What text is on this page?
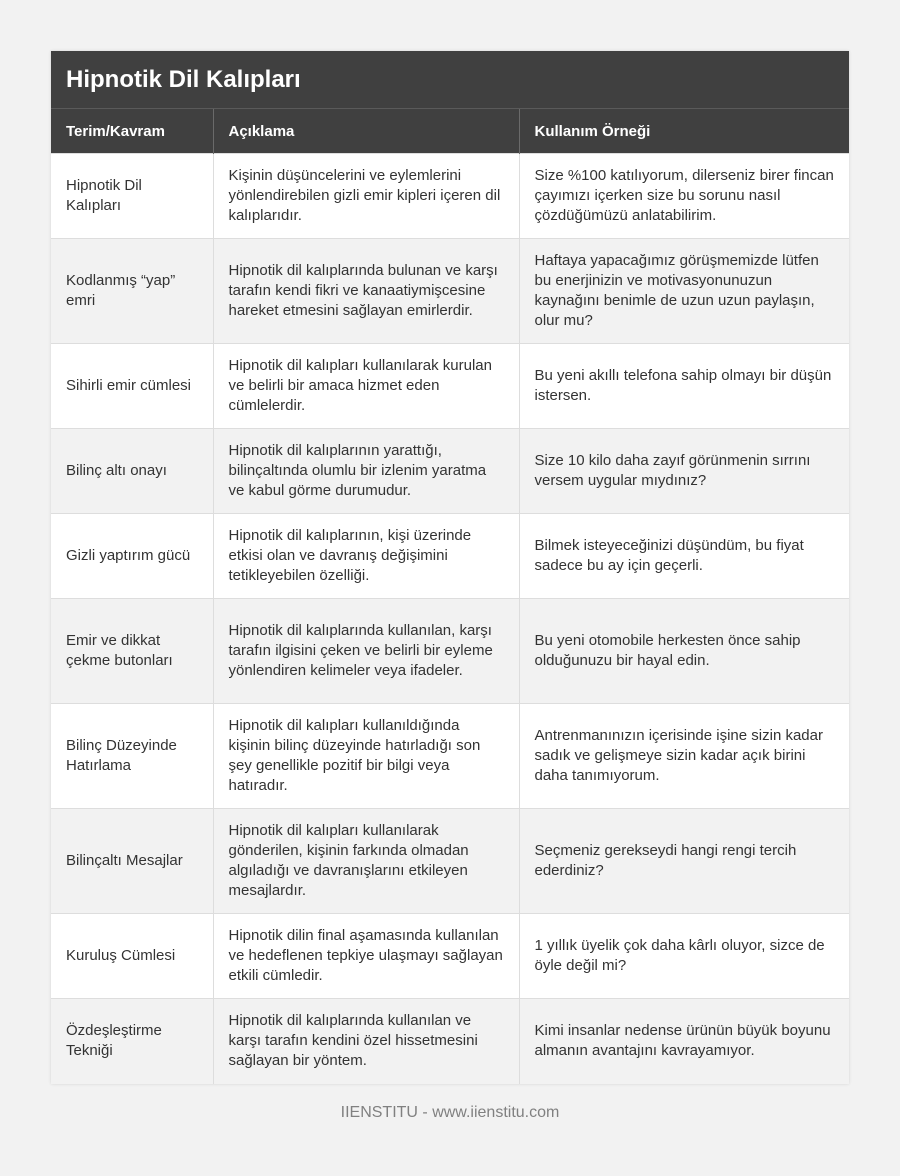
Hipnotik Dil Kalıpları
Terim/Kavram	Açıklama	Kullanım Örneği
Hipnotik Dil Kalıpları	Kişinin düşüncelerini ve eylemlerini yönlendirebilen gizli emir kipleri içeren dil kalıplarıdır.	Size %100 katılıyorum, dilerseniz birer fincan çayımızı içerken size bu sorunu nasıl çözdüğümüzü anlatabilirim.
Kodlanmış “yap” emri	Hipnotik dil kalıplarında bulunan ve karşı tarafın kendi fikri ve kanaatiymişcesine hareket etmesini sağlayan emirlerdir.	Haftaya yapacağımız görüşmemizde lütfen bu enerjinizin ve motivasyonunuzun kaynağını benimle de uzun uzun paylaşın, olur mu?
Sihirli emir cümlesi	Hipnotik dil kalıpları kullanılarak kurulan ve belirli bir amaca hizmet eden cümlelerdir.	Bu yeni akıllı telefona sahip olmayı bir düşün istersen.
Bilinç altı onayı	Hipnotik dil kalıplarının yarattığı, bilinçaltında olumlu bir izlenim yaratma ve kabul görme durumudur.	Size 10 kilo daha zayıf görünmenin sırrını versem uygular mıydınız?
Gizli yaptırım gücü	Hipnotik dil kalıplarının, kişi üzerinde etkisi olan ve davranış değişimini tetikleyebilen özelliği.	Bilmek isteyeceğinizi düşündüm, bu fiyat sadece bu ay için geçerli.
Emir ve dikkat çekme butonları	Hipnotik dil kalıplarında kullanılan, karşı tarafın ilgisini çeken ve belirli bir eyleme yönlendiren kelimeler veya ifadeler.	Bu yeni otomobile herkesten önce sahip olduğunuzu bir hayal edin.
Bilinç Düzeyinde Hatırlama	Hipnotik dil kalıpları kullanıldığında kişinin bilinç düzeyinde hatırladığı son şey genellikle pozitif bir bilgi veya hatıradır.	Antrenmanınızın içerisinde işine sizin kadar sadık ve gelişmeye sizin kadar açık birini daha tanımıyorum.
Bilinçaltı Mesajlar	Hipnotik dil kalıpları kullanılarak gönderilen, kişinin farkında olmadan algıladığı ve davranışlarını etkileyen mesajlardır.	Seçmeniz gerekseydi hangi rengi tercih ederdiniz?
Kuruluş Cümlesi	Hipnotik dilin final aşamasında kullanılan ve hedeflenen tepkiye ulaşmayı sağlayan etkili cümledir.	1 yıllık üyelik çok daha kârlı oluyor, sizce de öyle değil mi?
Özdeşleştirme Tekniği	Hipnotik dil kalıplarında kullanılan ve karşı tarafın kendini özel hissetmesini sağlayan bir yöntem.	Kimi insanlar nedense ürünün büyük boyunu almanın avantajını kavrayamıyor.
IIENSTITU - www.iienstitu.com
